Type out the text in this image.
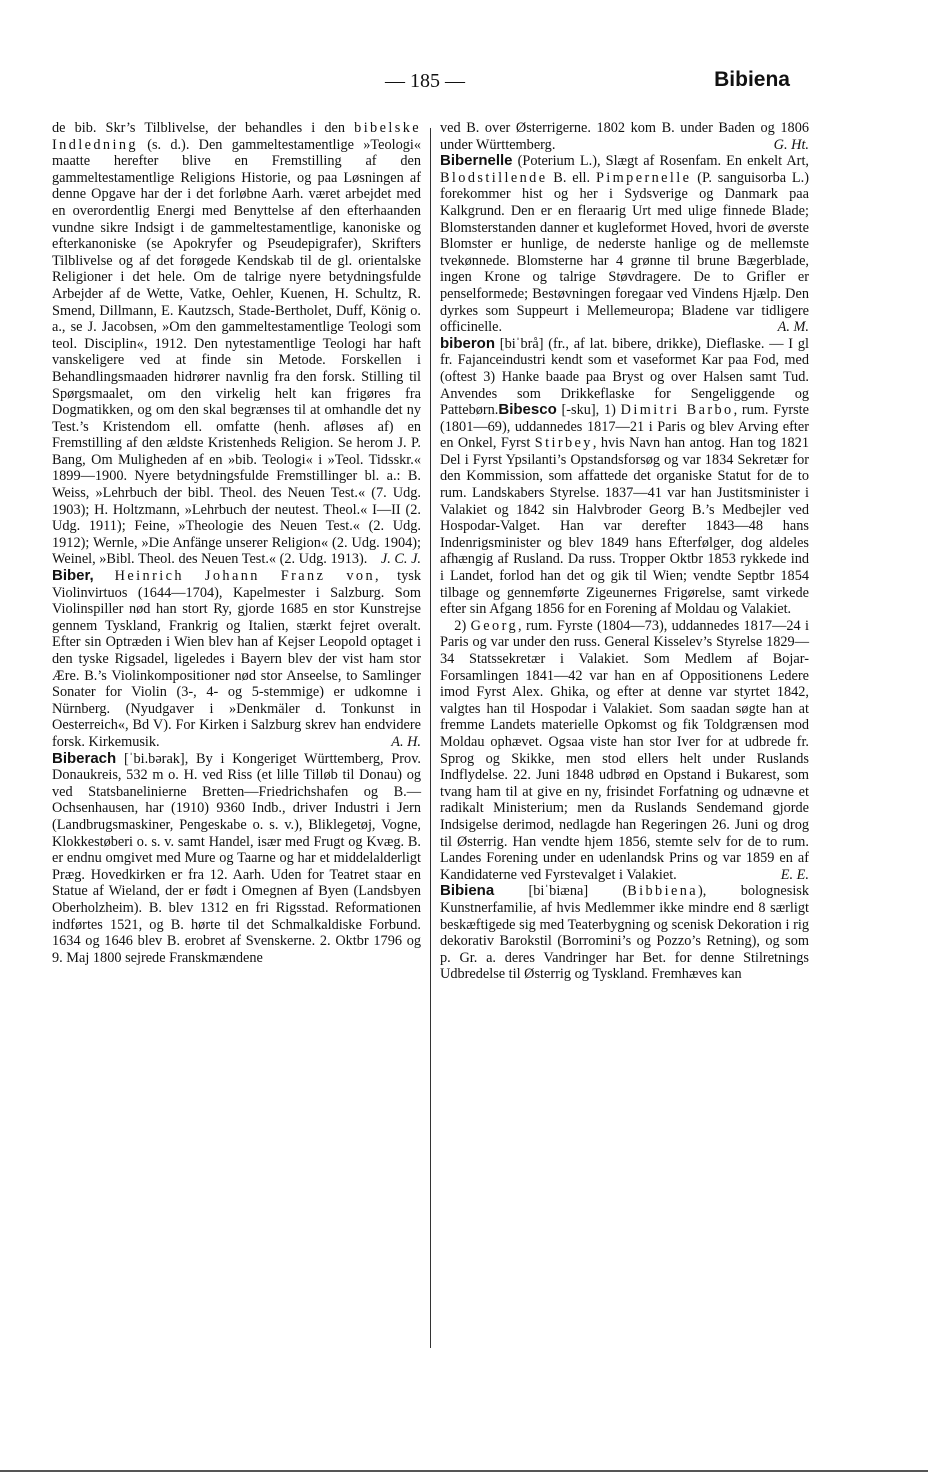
— 185 —	Bibiena

de bib. Skr’s Tilblivelse, der behandles i den bibelske Indledning (s. d.). Den gammeltestamentlige »Teologi« maatte herefter blive en Fremstilling af den gammeltestamentlige Religions Historie, og paa Løsningen af denne Opgave har der i det forløbne Aarh. været arbejdet med en overordentlig Energi med Benyttelse af den efterhaanden vundne sikre Indsigt i de gammeltestamentlige, kanoniske og efterkanoniske (se Apokryfer og Pseudepigrafer), Skrifters Tilblivelse og af det forøgede Kendskab til de gl. orientalske Religioner i det hele. Om de talrige nyere betydningsfulde Arbejder af de Wette, Vatke, Oehler, Kuenen, H. Schultz, R. Smend, Dillmann, E. Kautzsch, Stade-Bertholet, Duff, König o. a., se J. Jacobsen, »Om den gammeltestamentlige Teologi som teol. Disciplin«, 1912. Den nytestamentlige Teologi har haft vanskeligere ved at finde sin Metode. Forskellen i Behandlingsmaaden hidrører navnlig fra den forsk. Stilling til Spørgsmaalet, om den virkelig helt kan frigøres fra Dogmatikken, og om den skal begrænses til at omhandle det ny Test.’s Kristendom ell. omfatte (henh. afløses af) en Fremstilling af den ældste Kristenheds Religion. Se herom J. P. Bang, Om Muligheden af en »bib. Teologi« i »Teol. Tidsskr.« 1899—1900. Nyere betydningsfulde Fremstillinger bl. a.: B. Weiss, »Lehrbuch der bibl. Theol. des Neuen Test.« (7. Udg. 1903); H. Holtzmann, »Lehrbuch der neutest. Theol.« I—II (2. Udg. 1911); Feine, »Theologie des Neuen Test.« (2. Udg. 1912); Wernle, »Die Anfänge unserer Religion« (2. Udg. 1904); Weinel, »Bibl. Theol. des Neuen Test.« (2. Udg. 1913). J. C. J.

Biber, Heinrich Johann Franz von, tysk Violinvirtuos (1644—1704), Kapelmester i Salzburg. Som Violinspiller nød han stort Ry, gjorde 1685 en stor Kunstrejse gennem Tyskland, Frankrig og Italien, stærkt fejret overalt. Efter sin Optræden i Wien blev han af Kejser Leopold optaget i den tyske Rigsadel, ligeledes i Bayern blev der vist ham stor Ære. B.’s Violinkompositioner nød stor Anseelse, to Samlinger Sonater for Violin (3-, 4- og 5-stemmige) er udkomne i Nürnberg. (Nyudgaver i »Denkmäler d. Tonkunst in Oesterreich«, Bd V). For Kirken i Salzburg skrev han endvidere forsk. Kirkemusik.	A. H.

Biberach [ˈbi.bərak], By i Kongeriget Württemberg, Prov. Donaukreis, 532 m o. H. ved Riss (et lille Tilløb til Donau) og ved Statsbanelinierne Bretten—Friedrichshafen og B.—Ochsenhausen, har (1910) 9360 Indb., driver Industri i Jern (Landbrugsmaskiner, Pengeskabe o. s. v.), Bliklegetøj, Vogne, Klokkestøberi o. s. v. samt Handel, især med Frugt og Kvæg. B. er endnu omgivet med Mure og Taarne og har et middelalderligt Præg. Hovedkirken er fra 12. Aarh. Uden for Teatret staar en Statue af Wieland, der er født i Omegnen af Byen (Landsbyen Oberholzheim). B. blev 1312 en fri Rigsstad. Reformationen indførtes 1521, og B. hørte til det Schmalkaldiske Forbund. 1634 og 1646 blev B. erobret af Svenskerne. 2. Oktbr 1796 og 9. Maj 1800 sejrede Franskmændene

ved B. over Østerrigerne. 1802 kom B. under Baden og 1806 under Württemberg.	G. Ht.

Bibernelle (Poterium L.), Slægt af Rosenfam. En enkelt Art, Blodstillende B. ell. Pimpernelle (P. sanguisorba L.) forekommer hist og her i Sydsverige og Danmark paa Kalkgrund. Den er en fleraarig Urt med ulige finnede Blade; Blomsterstanden danner et kugleformet Hoved, hvori de øverste Blomster er hunlige, de nederste hanlige og de mellemste tvekønnede. Blomsterne har 4 grønne til brune Bægerblade, ingen Krone og talrige Støvdragere. De to Grifler er penselformede; Bestøvningen foregaar ved Vindens Hjælp. Den dyrkes som Suppeurt i Mellemeuropa; Bladene var tidligere officinelle.	A. M.

biberon [biˈbrå] (fr., af lat. bibere, drikke), Dieflaske. — I gl fr. Fajanceindustri kendt som et vaseformet Kar paa Fod, med (oftest 3) Hanke baade paa Bryst og over Halsen samt Tud. Anvendes som Drikkeflaske for Sengeliggende og Pattebørn.Bibesco [-sku], 1) Dimitri Barbo, rum. Fyrste (1801—69), uddannedes 1817—21 i Paris og blev Arving efter en Onkel, Fyrst Stirbey, hvis Navn han antog. Han tog 1821 Del i Fyrst Ypsilanti’s Opstandsforsøg og var 1834 Sekretær for den Kommission, som affattede det organiske Statut for de to rum. Landskabers Styrelse. 1837—41 var han Justitsminister i Valakiet og 1842 sin Halvbroder Georg B.’s Medbejler ved Hospodar-Valget. Han var derefter 1843—48 hans Indenrigsminister og blev 1849 hans Efterfølger, dog aldeles afhængig af Rusland. Da russ. Tropper Oktbr 1853 rykkede ind i Landet, forlod han det og gik til Wien; vendte Septbr 1854 tilbage og gennemførte Zigeunernes Frigørelse, samt virkede efter sin Afgang 1856 for en Forening af Moldau og Valakiet.
 2) Georg, rum. Fyrste (1804—73), uddannedes 1817—24 i Paris og var under den russ. General Kisselev’s Styrelse 1829—34 Statssekretær i Valakiet. Som Medlem af Bojar-Forsamlingen 1841—42 var han en af Oppositionens Ledere imod Fyrst Alex. Ghika, og efter at denne var styrtet 1842, valgtes han til Hospodar i Valakiet. Som saadan søgte han at fremme Landets materielle Opkomst og fik Toldgrænsen mod Moldau ophævet. Ogsaa viste han stor Iver for at udbrede fr. Sprog og Skikke, men stod ellers helt under Ruslands Indflydelse. 22. Juni 1848 udbrød en Opstand i Bukarest, som tvang ham til at give en ny, frisindet Forfatning og udnævne et radikalt Ministerium; men da Ruslands Sendemand gjorde Indsigelse derimod, nedlagde han Regeringen 26. Juni og drog til Østerrig. Han vendte hjem 1856, stemte selv for de to rum. Landes Forening under en udenlandsk Prins og var 1859 en af Kandidaterne ved Fyrstevalget i Valakiet.	E. E.

Bibiena [biˈbiæna] (Bibbiena), bolognesisk Kunstnerfamilie, af hvis Medlemmer ikke mindre end 8 særligt beskæftigede sig med Teaterbygning og scenisk Dekoration i rig dekorativ Barokstil (Borromini’s og Pozzo’s Retning), og som p. Gr. a. deres Vandringer har Bet. for denne Stilretnings Udbredelse til Østerrig og Tyskland. Fremhæves kan
